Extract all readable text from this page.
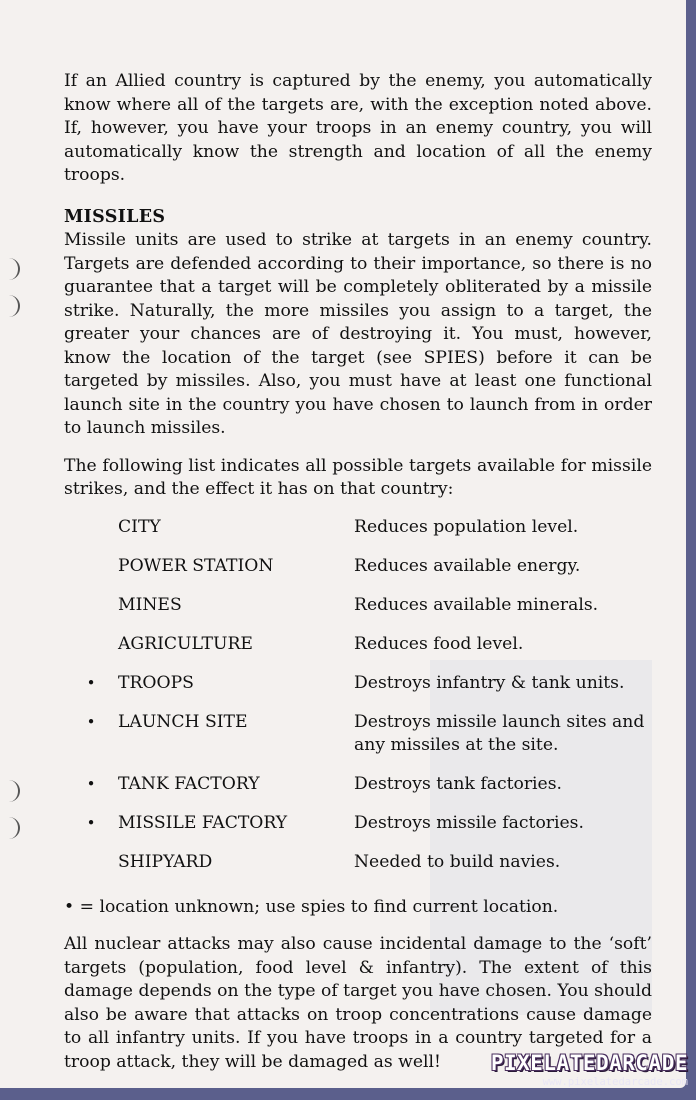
If an Allied country is captured by the enemy, you automatically know where all of the targets are, with the exception noted above. If, however, you have your troops in an enemy country, you will automatically know the strength and location of all the enemy troops.

MISSILES

Missile units are used to strike at targets in an enemy country. Targets are defended according to their importance, so there is no guarantee that a target will be completely obliterated by a missile strike. Naturally, the more missiles you assign to a target, the greater your chances are of destroying it. You must, however, know the location of the target (see SPIES) before it can be targeted by missiles. Also, you must have at least one functional launch site in the country you have chosen to launch from in order to launch missiles.

The following list indicates all possible targets available for missile strikes, and the effect it has on that country:

CITY	Reduces population level.
POWER STATION	Reduces available energy.
MINES	Reduces available minerals.
AGRICULTURE	Reduces food level.
•	TROOPS	Destroys infantry & tank units.
•	LAUNCH SITE	Destroys missile launch sites and any missiles at the site.
•	TANK FACTORY	Destroys tank factories.
•	MISSILE FACTORY	Destroys missile factories.
SHIPYARD	Needed to build navies.

• = location unknown; use spies to find current location.

All nuclear attacks may also cause incidental damage to the ‘soft’ targets (population, food level & infantry). The extent of this damage depends on the type of target you have chosen. You should also be aware that attacks on troop concentrations cause damage to all infantry units. If you have troops in a country targeted for a troop attack, they will be damaged as well!	PIXELATEDARCADE
www.pixelatedarcade.com
